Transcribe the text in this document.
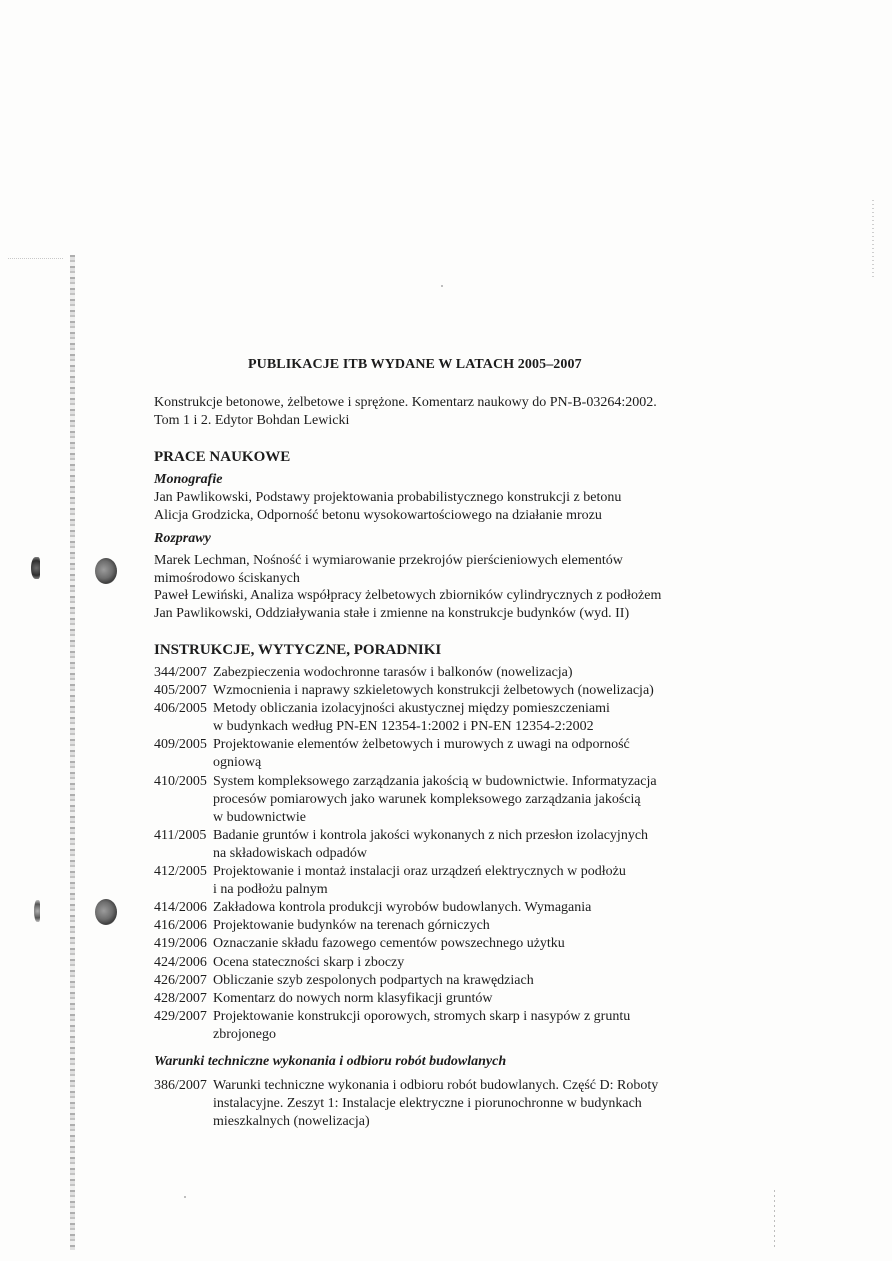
PUBLIKACJE ITB WYDANE W LATACH 2005–2007
Konstrukcje betonowe, żelbetowe i sprężone. Komentarz naukowy do PN-B-03264:2002.
Tom 1 i 2. Edytor Bohdan Lewicki
PRACE NAUKOWE
Monografie
Jan Pawlikowski, Podstawy projektowania probabilistycznego konstrukcji z betonu
Alicja Grodzicka, Odporność betonu wysokowartościowego na działanie mrozu
Rozprawy
Marek Lechman, Nośność i wymiarowanie przekrojów pierścieniowych elementów
mimośrodowo ściskanych
Paweł Lewiński, Analiza współpracy żelbetowych zbiorników cylindrycznych z podłożem
Jan Pawlikowski, Oddziaływania stałe i zmienne na konstrukcje budynków (wyd. II)
INSTRUKCJE, WYTYCZNE, PORADNIKI
344/2007 Zabezpieczenia wodochronne tarasów i balkonów (nowelizacja)
405/2007 Wzmocnienia i naprawy szkieletowych konstrukcji żelbetowych (nowelizacja)
406/2005 Metody obliczania izolacyjności akustycznej między pomieszczeniami
w budynkach według PN-EN 12354-1:2002 i PN-EN 12354-2:2002
409/2005 Projektowanie elementów żelbetowych i murowych z uwagi na odporność
ogniową
410/2005 System kompleksowego zarządzania jakością w budownictwie. Informatyzacja
procesów pomiarowych jako warunek kompleksowego zarządzania jakością
w budownictwie
411/2005 Badanie gruntów i kontrola jakości wykonanych z nich przesłon izolacyjnych
na składowiskach odpadów
412/2005 Projektowanie i montaż instalacji oraz urządzeń elektrycznych w podłożu
i na podłożu palnym
414/2006 Zakładowa kontrola produkcji wyrobów budowlanych. Wymagania
416/2006 Projektowanie budynków na terenach górniczych
419/2006 Oznaczanie składu fazowego cementów powszechnego użytku
424/2006 Ocena stateczności skarp i zboczy
426/2007 Obliczanie szyb zespolonych podpartych na krawędziach
428/2007 Komentarz do nowych norm klasyfikacji gruntów
429/2007 Projektowanie konstrukcji oporowych, stromych skarp i nasypów z gruntu
zbrojonego
Warunki techniczne wykonania i odbioru robót budowlanych
386/2007 Warunki techniczne wykonania i odbioru robót budowlanych. Część D: Roboty
instalacyjne. Zeszyt 1: Instalacje elektryczne i piorunochronne w budynkach
mieszkalnych (nowelizacja)
